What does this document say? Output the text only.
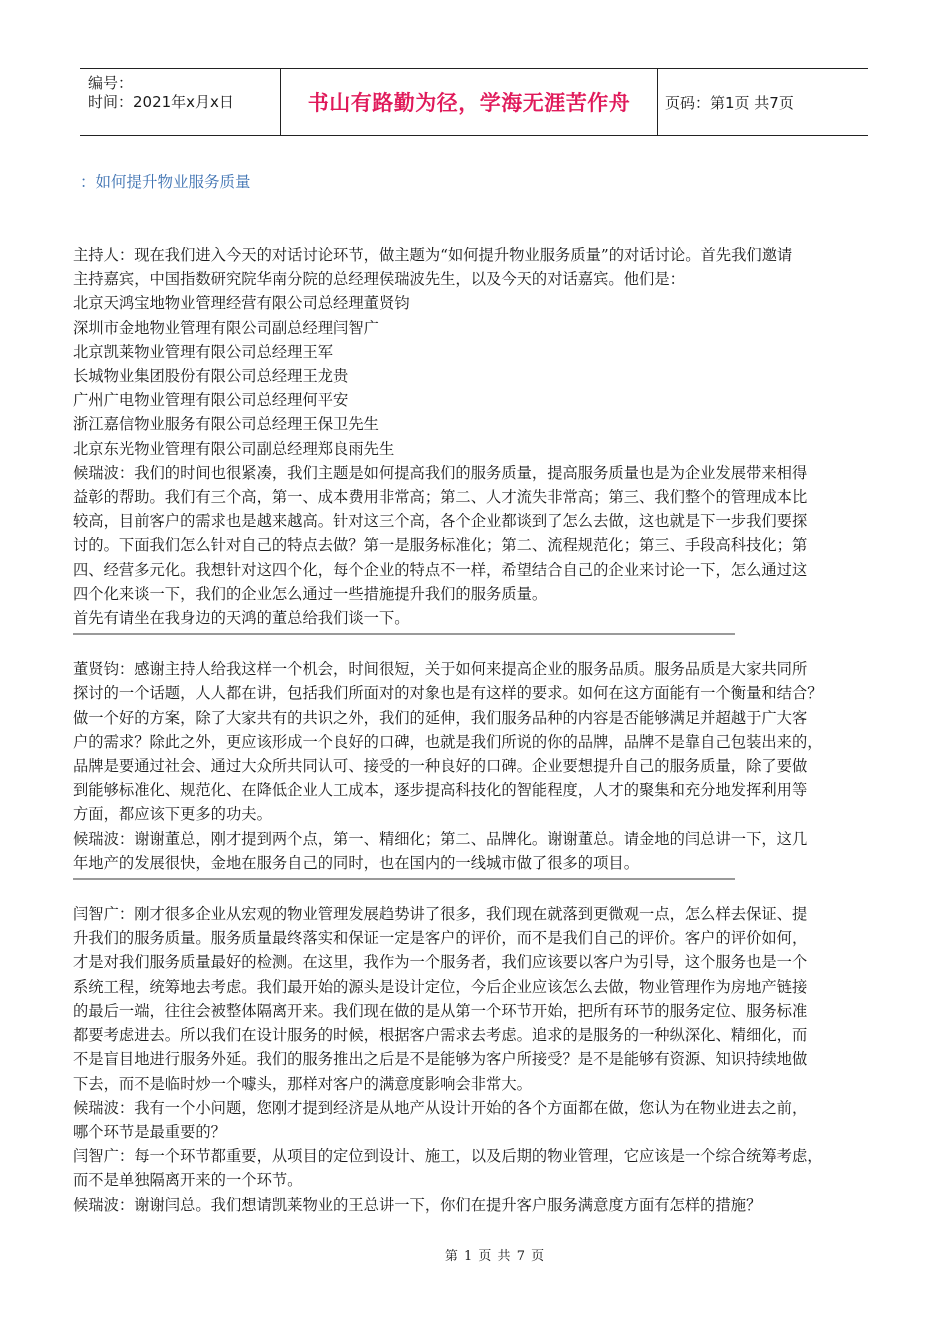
编号：
时间：2021年x月x日	书山有路勤为径，学海无涯苦作舟 页码：第1页 共7页
：如何提升物业服务质量
主持人：现在我们进入今天的对话讨论环节，做主题为“如何提升物业服务质量”的对话讨论。首先我们邀请
主持嘉宾，中国指数研究院华南分院的总经理侯瑞波先生，以及今天的对话嘉宾。他们是：
北京天鸿宝地物业管理经营有限公司总经理董贤钧
深圳市金地物业管理有限公司副总经理闫智广
北京凯莱物业管理有限公司总经理王军
长城物业集团股份有限公司总经理王龙贵
广州广电物业管理有限公司总经理何平安
浙江嘉信物业服务有限公司总经理王保卫先生
北京东光物业管理有限公司副总经理郑良雨先生
候瑞波：我们的时间也很紧凑，我们主题是如何提高我们的服务质量，提高服务质量也是为企业发展带来相得
益彰的帮助。我们有三个高，第一、成本费用非常高；第二、人才流失非常高；第三、我们整个的管理成本比
较高，目前客户的需求也是越来越高。针对这三个高，各个企业都谈到了怎么去做，这也就是下一步我们要探
讨的。下面我们怎么针对自己的特点去做？第一是服务标准化；第二、流程规范化；第三、手段高科技化；第
四、经营多元化。我想针对这四个化，每个企业的特点不一样，希望结合自己的企业来讨论一下，怎么通过这
四个化来谈一下，我们的企业怎么通过一些措施提升我们的服务质量。
首先有请坐在我身边的天鸿的董总给我们谈一下。
董贤钧：感谢主持人给我这样一个机会，时间很短，关于如何来提高企业的服务品质。服务品质是大家共同所
探讨的一个话题，人人都在讲，包括我们所面对的对象也是有这样的要求。如何在这方面能有一个衡量和结合？
做一个好的方案，除了大家共有的共识之外，我们的延伸，我们服务品种的内容是否能够满足并超越于广大客
户的需求？除此之外，更应该形成一个良好的口碑，也就是我们所说的你的品牌，品牌不是靠自己包装出来的，
品牌是要通过社会、通过大众所共同认可、接受的一种良好的口碑。企业要想提升自己的服务质量，除了要做
到能够标准化、规范化、在降低企业人工成本，逐步提高科技化的智能程度，人才的聚集和充分地发挥利用等
方面，都应该下更多的功夫。
候瑞波：谢谢董总，刚才提到两个点，第一、精细化；第二、品牌化。谢谢董总。请金地的闫总讲一下，这几
年地产的发展很快，金地在服务自己的同时，也在国内的一线城市做了很多的项目。
闫智广：刚才很多企业从宏观的物业管理发展趋势讲了很多，我们现在就落到更微观一点，怎么样去保证、提
升我们的服务质量。服务质量最终落实和保证一定是客户的评价，而不是我们自己的评价。客户的评价如何，
才是对我们服务质量最好的检测。在这里，我作为一个服务者，我们应该要以客户为引导，这个服务也是一个
系统工程，统筹地去考虑。我们最开始的源头是设计定位，今后企业应该怎么去做，物业管理作为房地产链接
的最后一端，往往会被整体隔离开来。我们现在做的是从第一个环节开始，把所有环节的服务定位、服务标准
都要考虑进去。所以我们在设计服务的时候，根据客户需求去考虑。追求的是服务的一种纵深化、精细化，而
不是盲目地进行服务外延。我们的服务推出之后是不是能够为客户所接受？是不是能够有资源、知识持续地做
下去，而不是临时炒一个噱头，那样对客户的满意度影响会非常大。
候瑞波：我有一个小问题，您刚才提到经济是从地产从设计开始的各个方面都在做，您认为在物业进去之前，
哪个环节是最重要的？
闫智广：每一个环节都重要，从项目的定位到设计、施工，以及后期的物业管理，它应该是一个综合统筹考虑，
而不是单独隔离开来的一个环节。
候瑞波：谢谢闫总。我们想请凯莱物业的王总讲一下，你们在提升客户服务满意度方面有怎样的措施？
第 1 页 共 7 页
